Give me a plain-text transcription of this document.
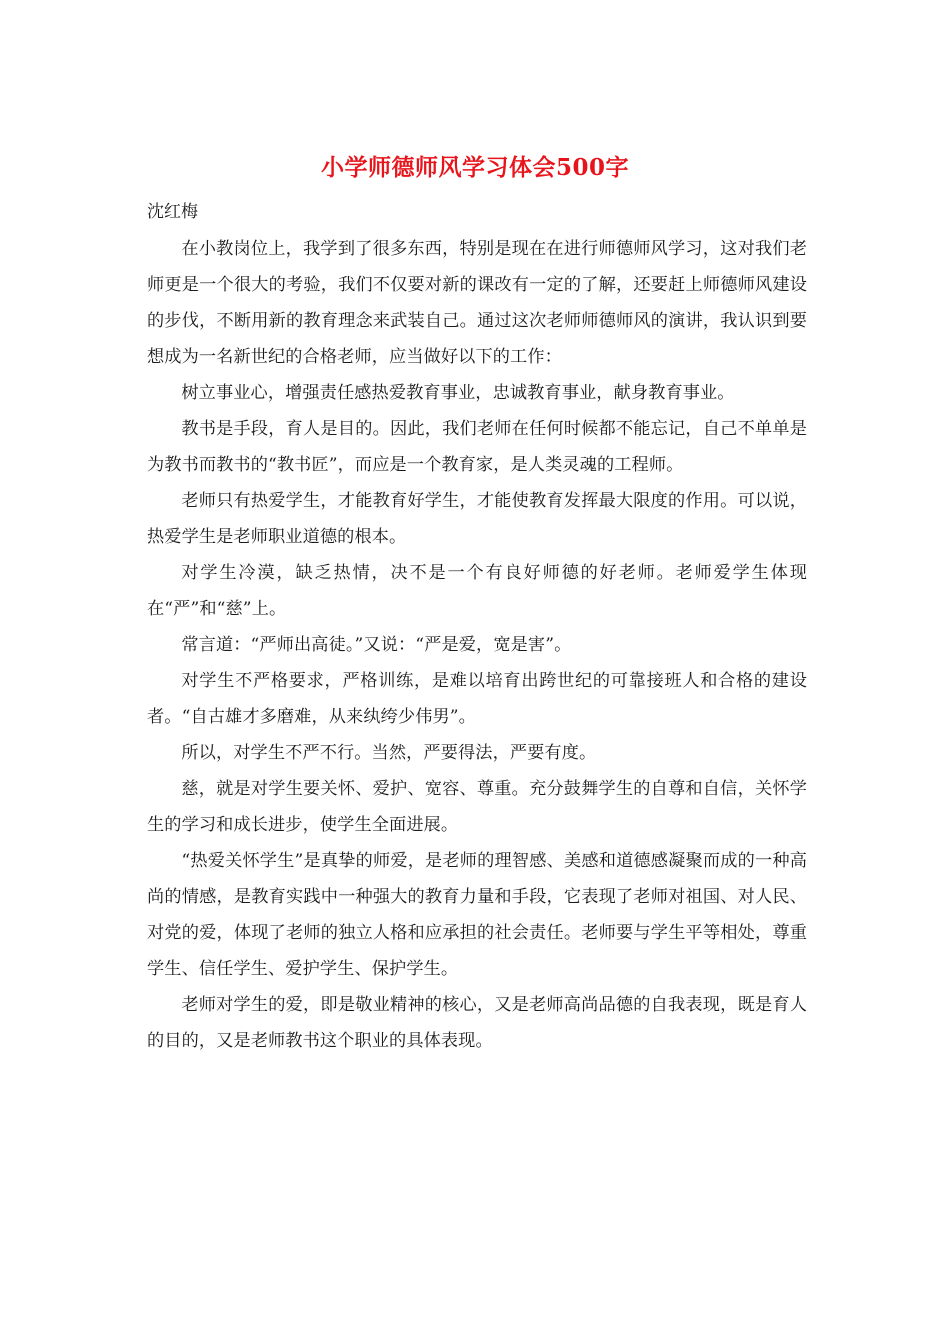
小学师德师风学习体会500字

沈红梅

在小教岗位上，我学到了很多东西，特别是现在在进行师德师风学习，这对我们老师更是一个很大的考验，我们不仅要对新的课改有一定的了解，还要赶上师德师风建设的步伐，不断用新的教育理念来武装自己。通过这次老师师德师风的演讲，我认识到要想成为一名新世纪的合格老师，应当做好以下的工作：

树立事业心，增强责任感热爱教育事业，忠诚教育事业，献身教育事业。

教书是手段，育人是目的。因此，我们老师在任何时候都不能忘记，自己不单单是为教书而教书的“教书匠”，而应是一个教育家，是人类灵魂的工程师。

老师只有热爱学生，才能教育好学生，才能使教育发挥最大限度的作用。可以说，热爱学生是老师职业道德的根本。

对学生冷漠，缺乏热情，决不是一个有良好师德的好老师。老师爱学生体现在“严”和“慈”上。

常言道：“严师出高徒。”又说：“严是爱，宽是害”。

对学生不严格要求，严格训练，是难以培育出跨世纪的可靠接班人和合格的建设者。“自古雄才多磨难，从来纨绔少伟男”。

所以，对学生不严不行。当然，严要得法，严要有度。

慈，就是对学生要关怀、爱护、宽容、尊重。充分鼓舞学生的自尊和自信，关怀学生的学习和成长进步，使学生全面进展。

“热爱关怀学生”是真挚的师爱，是老师的理智感、美感和道德感凝聚而成的一种高尚的情感，是教育实践中一种强大的教育力量和手段，它表现了老师对祖国、对人民、对党的爱，体现了老师的独立人格和应承担的社会责任。老师要与学生平等相处，尊重学生、信任学生、爱护学生、保护学生。

老师对学生的爱，即是敬业精神的核心，又是老师高尚品德的自我表现，既是育人的目的，又是老师教书这个职业的具体表现。
